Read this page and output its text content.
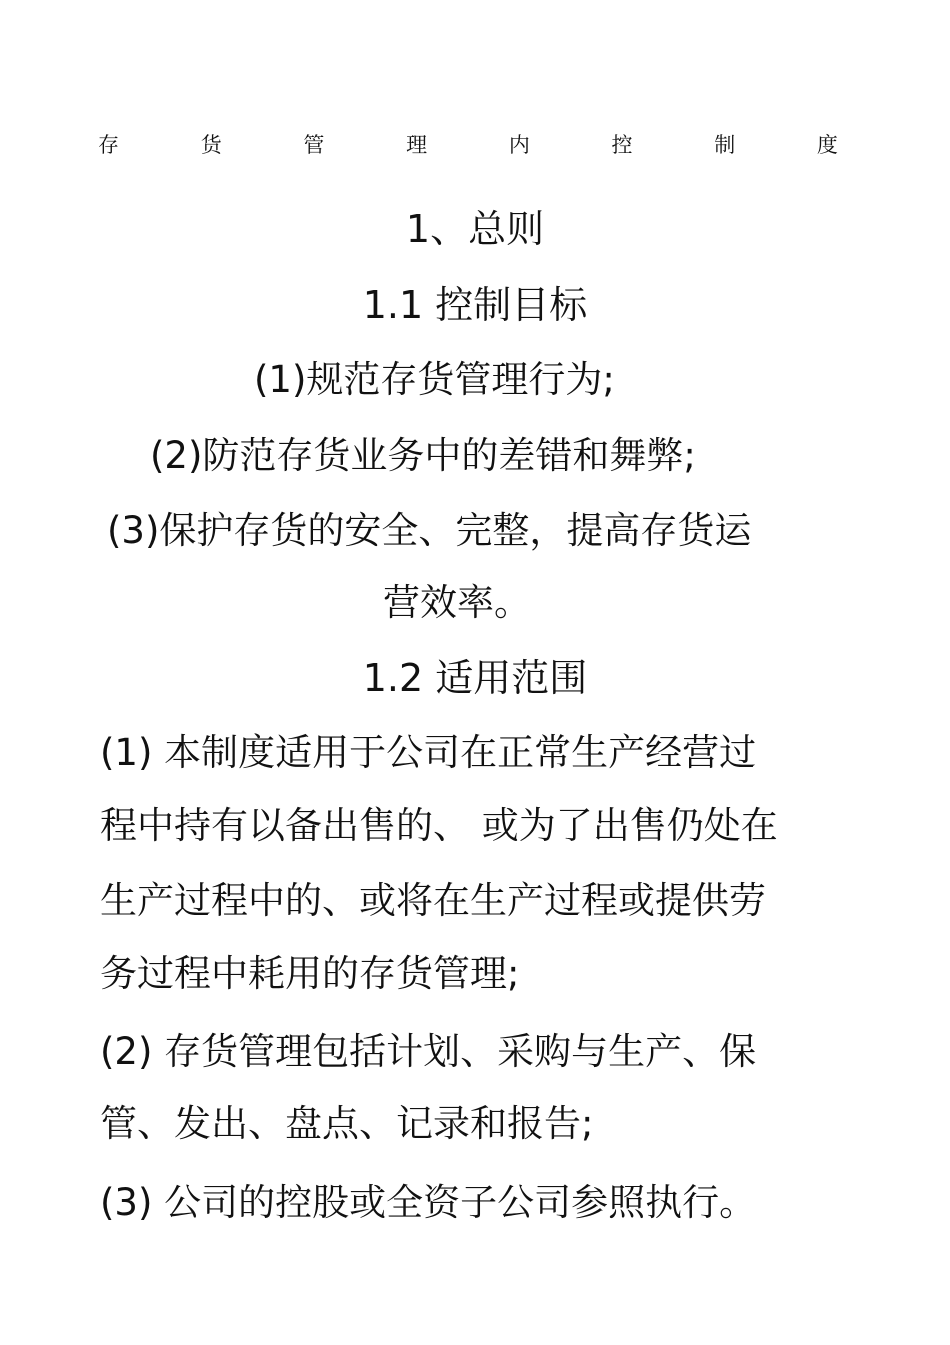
存	货	管	理	内	控	制	度
1、总则
1.1 控制目标
(1)规范存货管理行为;
(2)防范存货业务中的差错和舞弊;
(3)保护存货的安全、完整，提高存货运
营效率。
1.2 适用范围
(1) 本制度适用于公司在正常生产经营过
程中持有以备出售的、 或为了出售仍处在
生产过程中的、或将在生产过程或提供劳
务过程中耗用的存货管理;
(2) 存货管理包括计划、采购与生产、保
管、发出、盘点、记录和报告;
(3) 公司的控股或全资子公司参照执行。
